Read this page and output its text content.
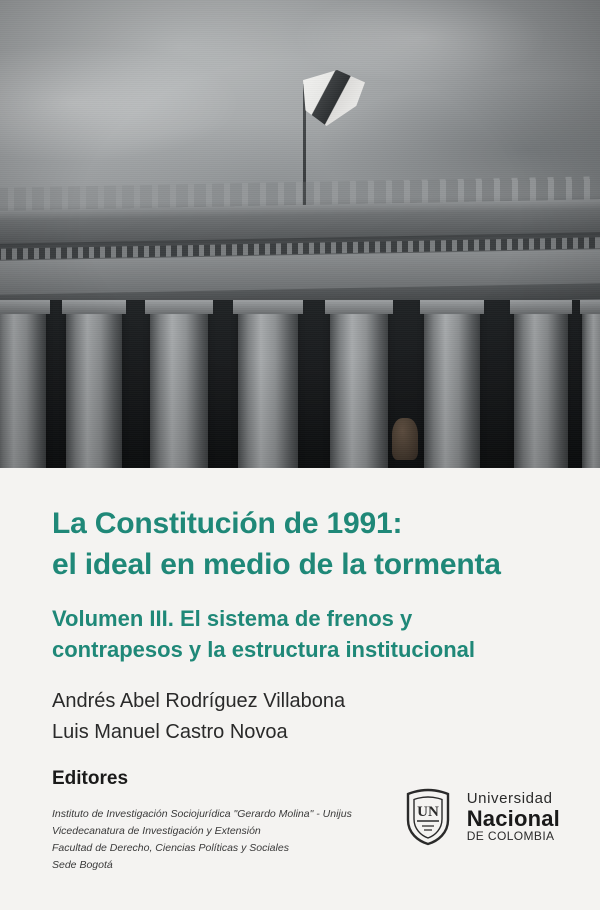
La Constitución de 1991:

el ideal en medio de la tormenta

Volumen III. El sistema de frenos y

contrapesos y la estructura institucional

Andrés Abel Rodríguez Villabona

Luis Manuel Castro Novoa

Editores

Instituto de Investigación Sociojurídica "Gerardo Molina" - Unijus

Vicedecanatura de Investigación y Extensión

Facultad de Derecho, Ciencias Políticas y Sociales

Sede Bogotá

UN
Universidad
Nacional
DE COLOMBIA
